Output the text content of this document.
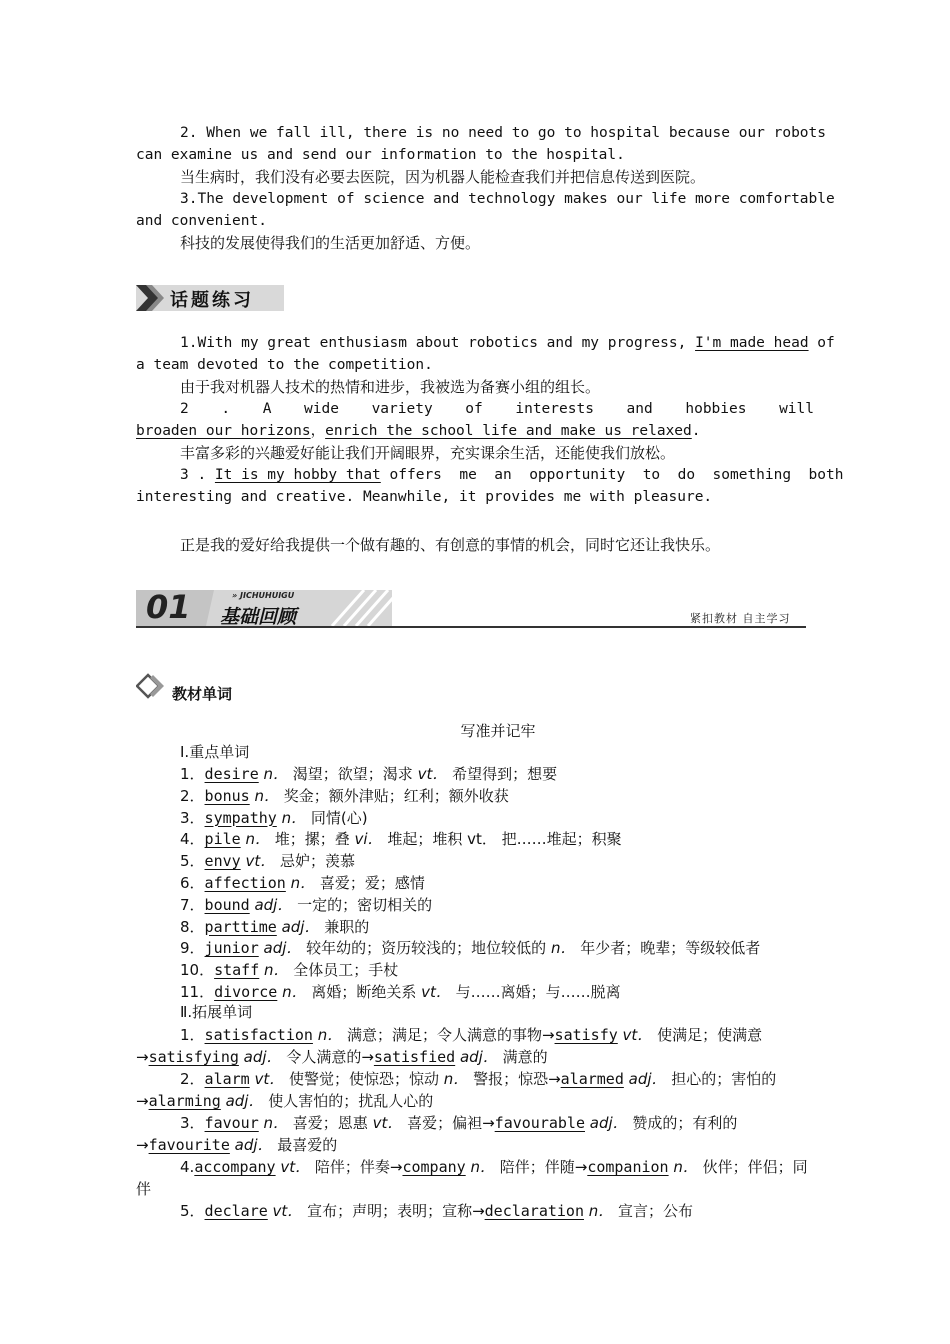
2. When we fall ill, there is no need to go to hospital because our robots
can examine us and send our information to the hospital.
当生病时，我们没有必要去医院，因为机器人能检查我们并把信息传送到医院。
3.The development of science and technology makes our life more comfortable
and convenient.
科技的发展使得我们的生活更加舒适、方便。
话题练习
1.With my great enthusiasm about robotics and my progress, I'm made head of
a team devoted to the competition.
由于我对机器人技术的热情和进步，我被选为备赛小组的组长。
2 . A wide variety of interests and hobbies will
broaden our horizons，enrich the school life and make us relaxed.
丰富多彩的兴趣爱好能让我们开阔眼界，充实课余生活，还能使我们放松。
3 . It is my hobby that offers  me  an  opportunity  to  do  something  both
interesting and creative. Meanwhile, it provides me with pleasure.
正是我的爱好给我提供一个做有趣的、有创意的事情的机会，同时它还让我快乐。
01	» JICHUHUIGU
基础回顾	紧扣教材 自主学习
教材单词
写准并记牢
Ⅰ.重点单词
1．desire n． 渴望；欲望；渴求 vt． 希望得到；想要
2．bonus n． 奖金；额外津贴；红利；额外收获
3．sympathy n． 同情(心)
4．pile n． 堆；摞；叠 vi． 堆起；堆积 vt． 把……堆起；积聚
5．envy vt． 忌妒；羡慕
6．affection n． 喜爱；爱；感情
7．bound adj． 一定的；密切相关的
8．parttime adj． 兼职的
9．junior adj． 较年幼的；资历较浅的；地位较低的 n． 年少者；晚辈；等级较低者
10．staff n． 全体员工；手杖
11．divorce n． 离婚；断绝关系 vt． 与……离婚；与……脱离
Ⅱ.拓展单词
1．satisfaction n． 满意；满足；令人满意的事物→satisfy vt． 使满足；使满意
→satisfying adj． 令人满意的→satisfied adj． 满意的
2．alarm vt． 使警觉；使惊恐；惊动 n． 警报；惊恐→alarmed adj． 担心的；害怕的
→alarming adj． 使人害怕的；扰乱人心的
3．favour n． 喜爱；恩惠 vt． 喜爱；偏袒→favourable adj． 赞成的；有利的
→favourite adj． 最喜爱的
4.accompany vt． 陪伴；伴奏→company n． 陪伴；伴随→companion n． 伙伴；伴侣；同
伴
5．declare vt． 宣布；声明；表明；宣称→declaration n． 宣言；公布
